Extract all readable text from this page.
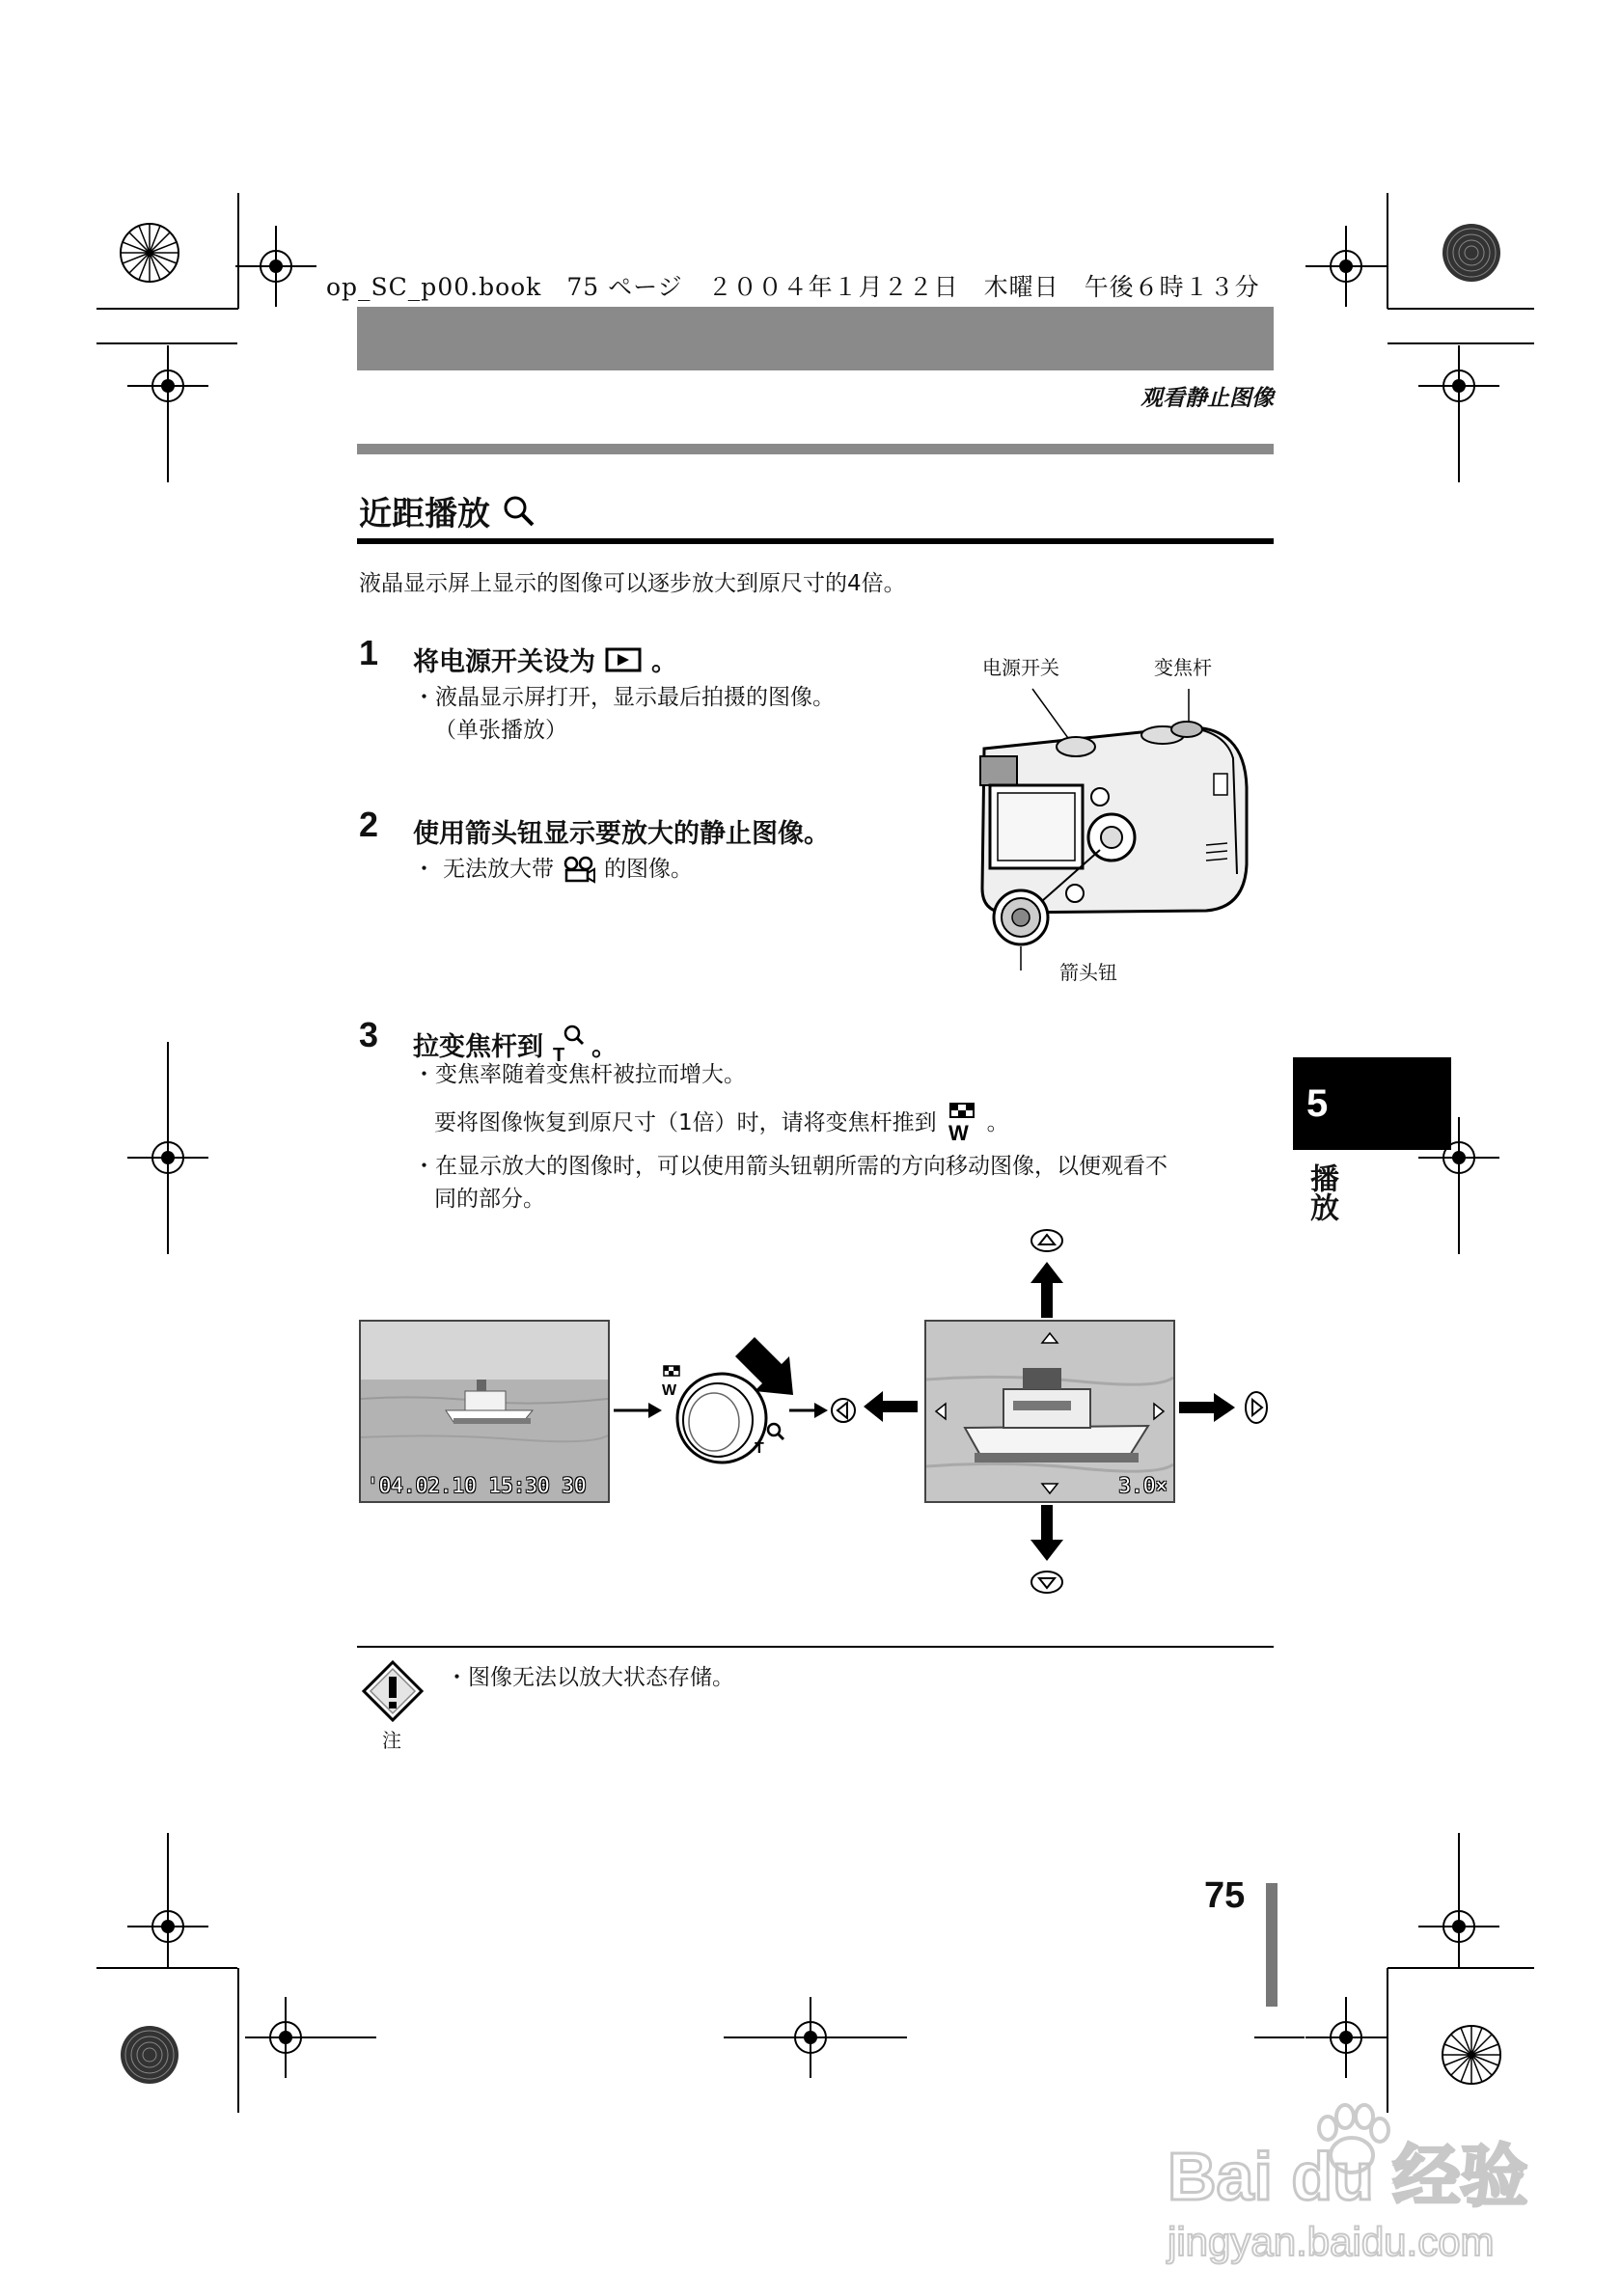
op_SC_p00.book　75 ページ　２００４年１月２２日　木曜日　午後６時１３分
观看静止图像
近距播放
液晶显示屏上显示的图像可以逐步放大到原尺寸的4倍。
1 将电源开关设为 。
・液晶显示屏打开，显示最后拍摄的图像。
（单张播放）
2 使用箭头钮显示要放大的静止图像。
・ 无法放大带 的图像。
电源开关	变焦杆
箭头钮
3 拉变焦杆到 T 。
・变焦率随着变焦杆被拉而增大。
要将图像恢复到原尺寸（1倍）时，请将变焦杆推到 W 。
・在显示放大的图像时，可以使用箭头钮朝所需的方向移动图像，以便观看不
同的部分。
'04.02.10 15:30 30
W
T
3.0×
注
・图像无法以放大状态存储。
5
播放
75
Bai du 经验
jingyan.baidu.com
